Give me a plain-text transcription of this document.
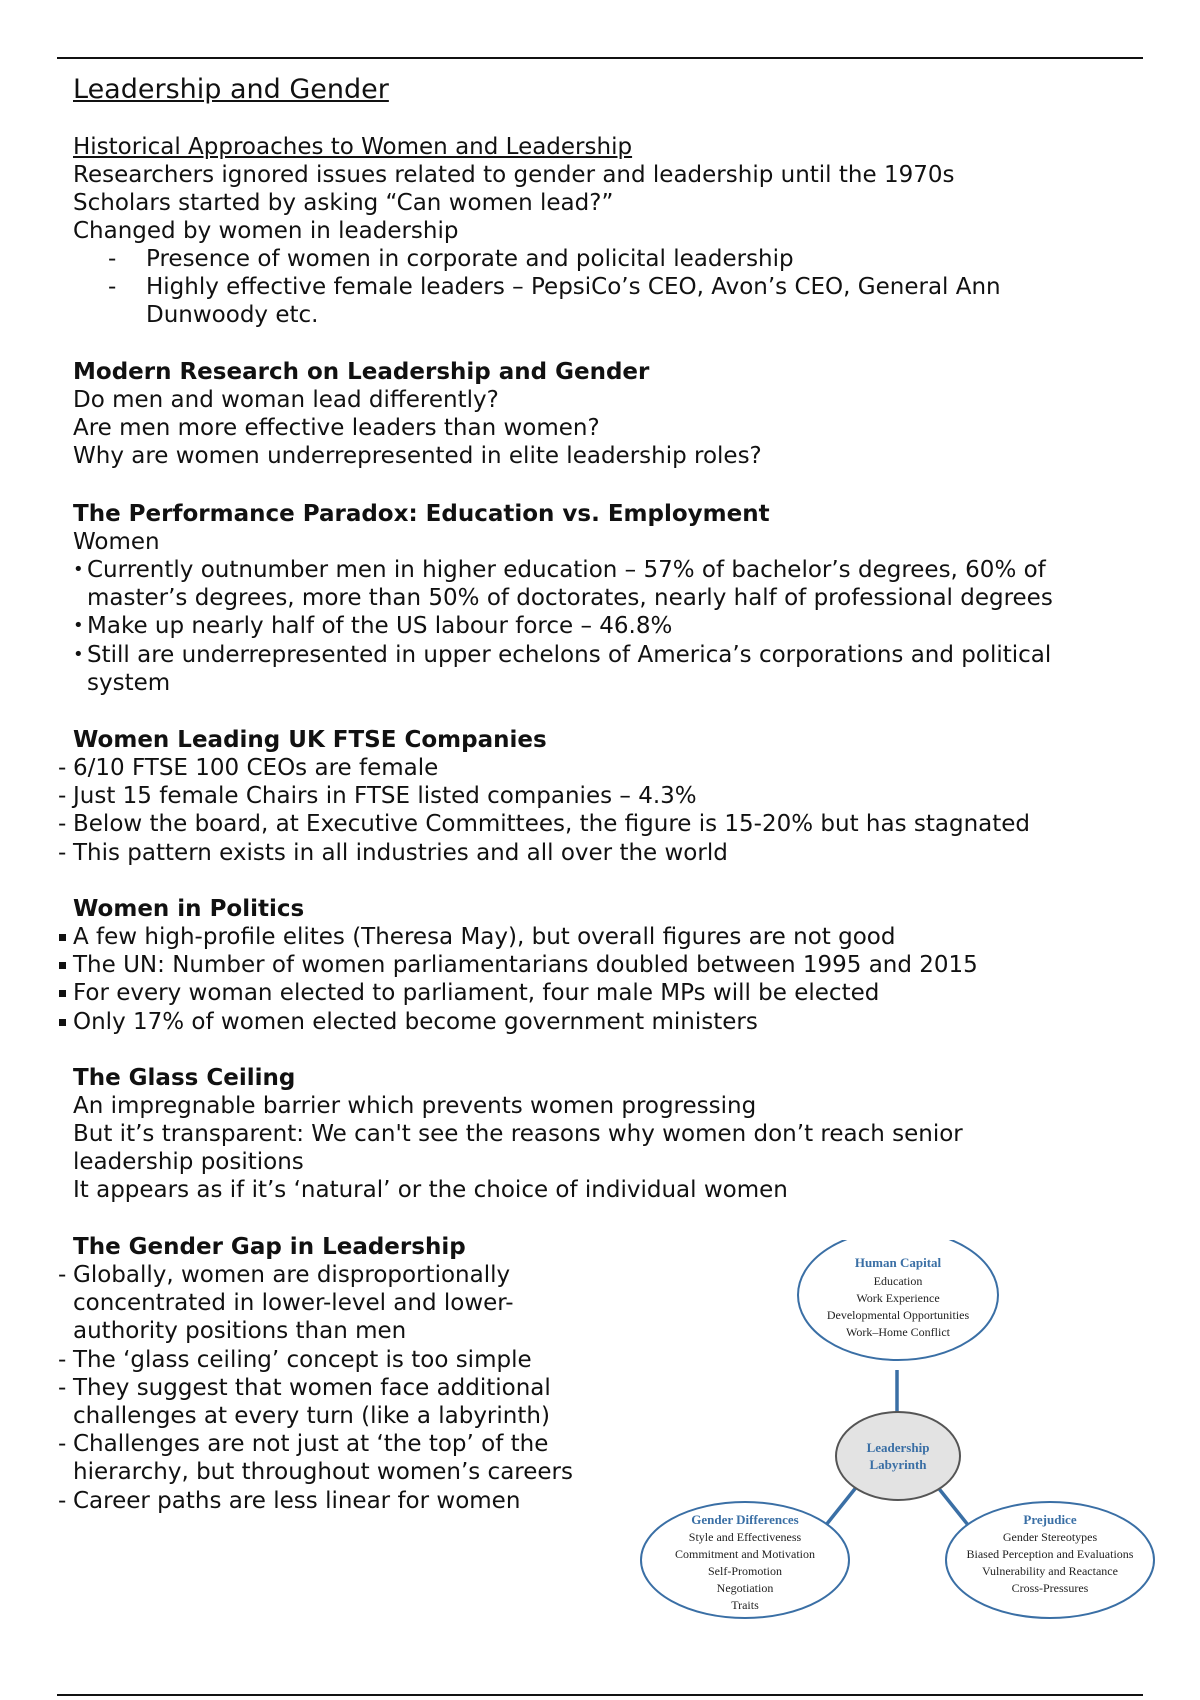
Leadership and Gender
Historical Approaches to Women and Leadership
Researchers ignored issues related to gender and leadership until the 1970s
Scholars started by asking “Can women lead?”
Changed by women in leadership
- Presence of women in corporate and policital leadership
- Highly effective female leaders – PepsiCo’s CEO, Avon’s CEO, General Ann Dunwoody etc.
Modern Research on Leadership and Gender
Do men and woman lead differently?
Are men more effective leaders than women?
Why are women underrepresented in elite leadership roles?
The Performance Paradox: Education vs. Employment
Women
• Currently outnumber men in higher education – 57% of bachelor’s degrees, 60% of master’s degrees, more than 50% of doctorates, nearly half of professional degrees
• Make up nearly half of the US labour force – 46.8%
• Still are underrepresented in upper echelons of America’s corporations and political system
Women Leading UK FTSE Companies
- 6/10 FTSE 100 CEOs are female
- Just 15 female Chairs in FTSE listed companies – 4.3%
- Below the board, at Executive Committees, the figure is 15-20% but has stagnated
- This pattern exists in all industries and all over the world
Women in Politics
A few high-profile elites (Theresa May), but overall figures are not good
The UN: Number of women parliamentarians doubled between 1995 and 2015
For every woman elected to parliament, four male MPs will be elected
Only 17% of women elected become government ministers
The Glass Ceiling
An impregnable barrier which prevents women progressing
But it’s transparent: We can't see the reasons why women don’t reach senior leadership positions
It appears as if it’s ‘natural’ or the choice of individual women
The Gender Gap in Leadership
- Globally, women are disproportionally concentrated in lower-level and lower-authority positions than men
- The ‘glass ceiling’ concept is too simple
- They suggest that women face additional challenges at every turn (like a labyrinth)
- Challenges are not just at ‘the top’ of the hierarchy, but throughout women’s careers
- Career paths are less linear for women
Human Capital
Education
Work Experience
Developmental Opportunities
Work–Home Conflict
Leadership
Labyrinth
Gender Differences
Style and Effectiveness
Commitment and Motivation
Self-Promotion
Negotiation
Traits
Prejudice
Gender Stereotypes
Biased Perception and Evaluations
Vulnerability and Reactance
Cross-Pressures
